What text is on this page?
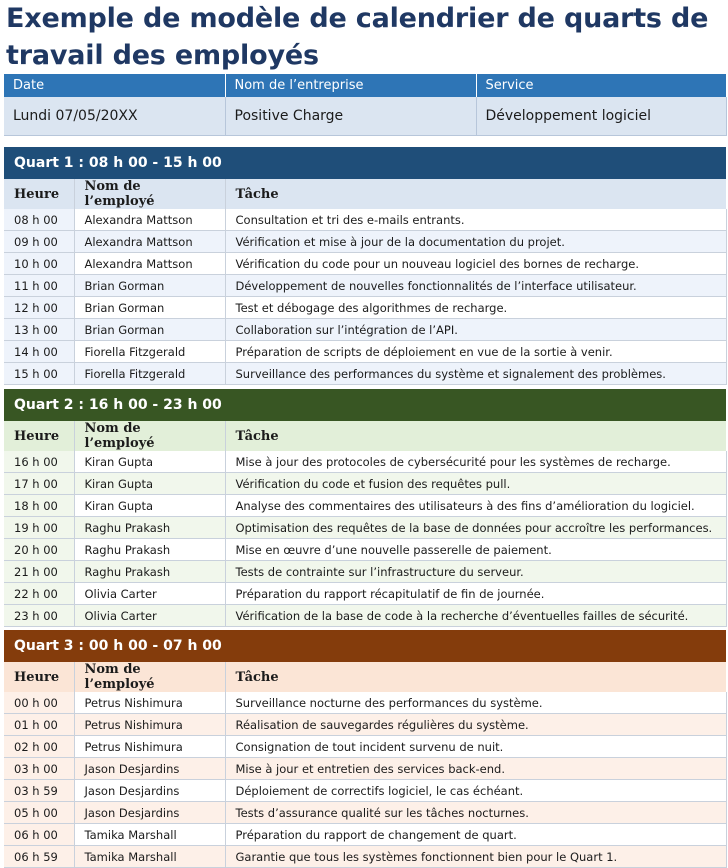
Exemple de modèle de calendrier de quarts de travail des employés
Date	Nom de l’entreprise	Service
Lundi 07/05/20XX	Positive Charge	Développement logiciel
Quart 1 : 08 h 00 - 15 h 00		
Heure	Nom de l’employé	Tâche
08 h 00	Alexandra Mattson	Consultation et tri des e-mails entrants.
09 h 00	Alexandra Mattson	Vérification et mise à jour de la documentation du projet.
10 h 00	Alexandra Mattson	Vérification du code pour un nouveau logiciel des bornes de recharge.
11 h 00	Brian Gorman	Développement de nouvelles fonctionnalités de l’interface utilisateur.
12 h 00	Brian Gorman	Test et débogage des algorithmes de recharge.
13 h 00	Brian Gorman	Collaboration sur l’intégration de l’API.
14 h 00	Fiorella Fitzgerald	Préparation de scripts de déploiement en vue de la sortie à venir.
15 h 00	Fiorella Fitzgerald	Surveillance des performances du système et signalement des problèmes.
Quart 2 : 16 h 00 - 23 h 00		
Heure	Nom de l’employé	Tâche
16 h 00	Kiran Gupta	Mise à jour des protocoles de cybersécurité pour les systèmes de recharge.
17 h 00	Kiran Gupta	Vérification du code et fusion des requêtes pull.
18 h 00	Kiran Gupta	Analyse des commentaires des utilisateurs à des fins d’amélioration du logiciel.
19 h 00	Raghu Prakash	Optimisation des requêtes de la base de données pour accroître les performances.
20 h 00	Raghu Prakash	Mise en œuvre d’une nouvelle passerelle de paiement.
21 h 00	Raghu Prakash	Tests de contrainte sur l’infrastructure du serveur.
22 h 00	Olivia Carter	Préparation du rapport récapitulatif de fin de journée.
23 h 00	Olivia Carter	Vérification de la base de code à la recherche d’éventuelles failles de sécurité.
Quart 3 : 00 h 00 - 07 h 00		
Heure	Nom de l’employé	Tâche
00 h 00	Petrus Nishimura	Surveillance nocturne des performances du système.
01 h 00	Petrus Nishimura	Réalisation de sauvegardes régulières du système.
02 h 00	Petrus Nishimura	Consignation de tout incident survenu de nuit.
03 h 00	Jason Desjardins	Mise à jour et entretien des services back-end.
03 h 59	Jason Desjardins	Déploiement de correctifs logiciel, le cas échéant.
05 h 00	Jason Desjardins	Tests d’assurance qualité sur les tâches nocturnes.
06 h 00	Tamika Marshall	Préparation du rapport de changement de quart.
06 h 59	Tamika Marshall	Garantie que tous les systèmes fonctionnent bien pour le Quart 1.
